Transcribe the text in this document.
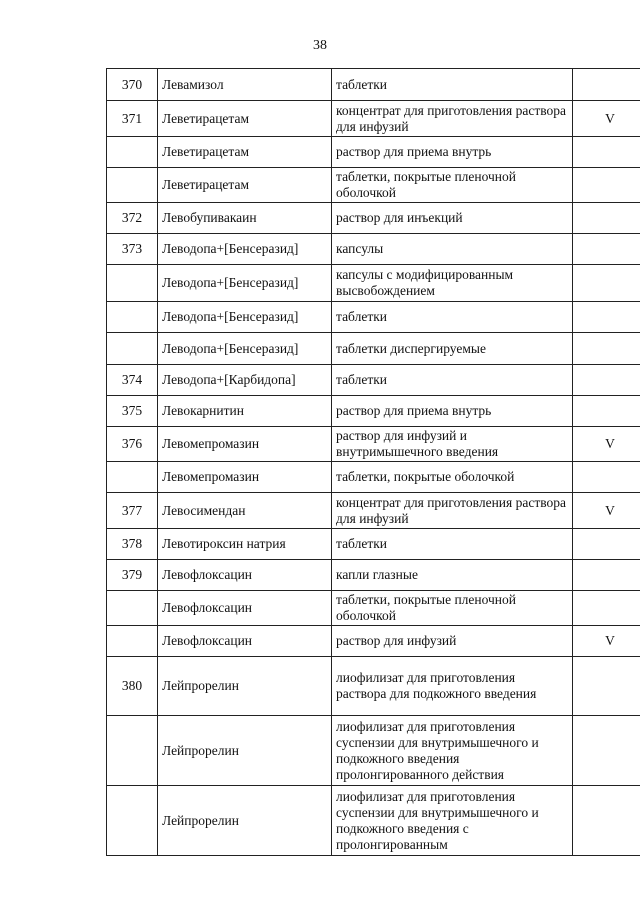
38
370	Левамизол	таблетки	
371	Леветирацетам	концентрат для приготовления раствора для инфузий	V
	Леветирацетам	раствор для приема внутрь	
	Леветирацетам	таблетки, покрытые пленочной оболочкой	
372	Левобупивакаин	раствор для инъекций	
373	Леводопа+[Бенсеразид]	капсулы	
	Леводопа+[Бенсеразид]	капсулы с модифицированным высвобождением	
	Леводопа+[Бенсеразид]	таблетки	
	Леводопа+[Бенсеразид]	таблетки диспергируемые	
374	Леводопа+[Карбидопа]	таблетки	
375	Левокарнитин	раствор для приема внутрь	
376	Левомепромазин	раствор для инфузий и внутримышечного введения	V
	Левомепромазин	таблетки, покрытые оболочкой	
377	Левосимендан	концентрат для приготовления раствора для инфузий	V
378	Левотироксин натрия	таблетки	
379	Левофлоксацин	капли глазные	
	Левофлоксацин	таблетки, покрытые пленочной оболочкой	
	Левофлоксацин	раствор для инфузий	V
380	Лейпрорелин	лиофилизат для приготовления раствора для подкожного введения	
	Лейпрорелин	лиофилизат для приготовления суспензии для внутримышечного и подкожного введения пролонгированного действия	
	Лейпрорелин	лиофилизат для приготовления суспензии для внутримышечного и подкожного введения с пролонгированным	
